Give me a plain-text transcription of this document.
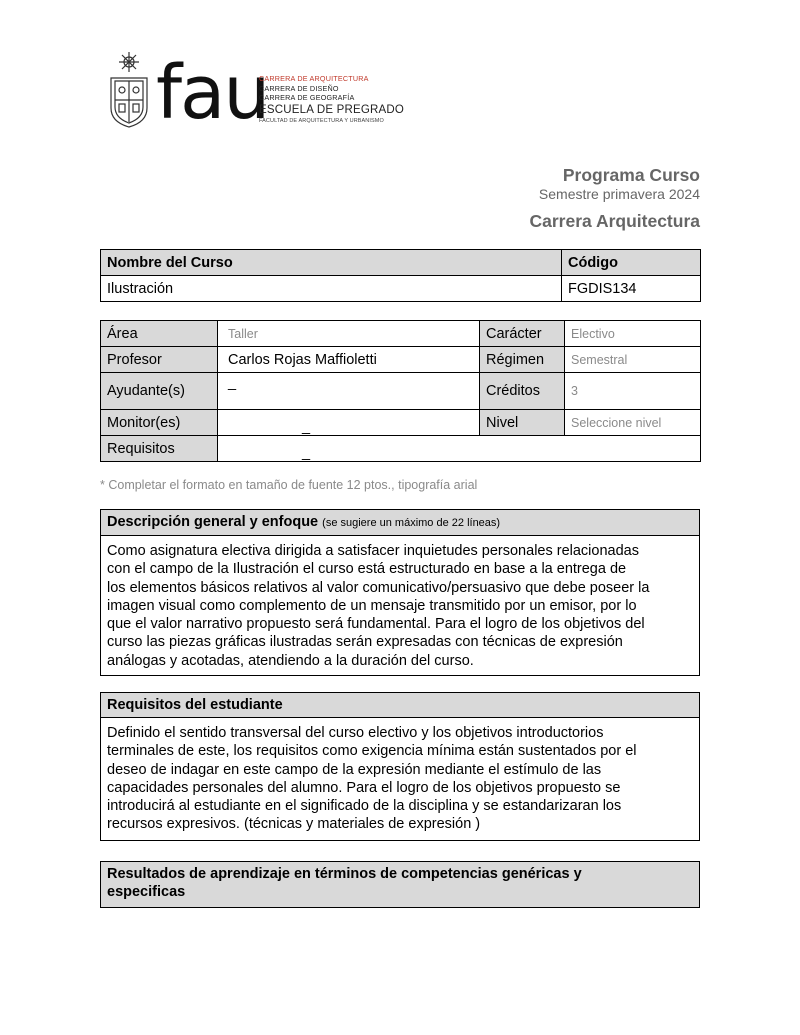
fau
CARRERA DE ARQUITECTURA
CARRERA DE DISEÑO
CARRERA DE GEOGRAFÍA
ESCUELA DE PREGRADO
FACULTAD DE ARQUITECTURA Y URBANISMO
Programa Curso
Semestre primavera 2024
Carrera Arquitectura
Nombre del Curso	Código
Ilustración	FGDIS134
Área	Taller	Carácter	Electivo
Profesor	Carlos Rojas Maffioletti	Régimen	Semestral
Ayudante(s)	_	Créditos	3
Monitor(es)	_	Nivel	Seleccione nivel
Requisitos	_		
* Completar el formato en tamaño de fuente 12 ptos., tipografía arial
Descripción general y enfoque (se sugiere un máximo de 22 líneas)
Como asignatura electiva dirigida a satisfacer inquietudes personales relacionadas
con el campo de la Ilustración el curso está estructurado en base a la entrega de
los elementos básicos relativos al valor comunicativo/persuasivo que debe poseer la
imagen visual como complemento de un mensaje transmitido por un emisor, por lo
que el valor narrativo propuesto será fundamental. Para el logro de los objetivos del
curso las piezas gráficas ilustradas serán expresadas con técnicas de expresión
análogas y acotadas, atendiendo a la duración del curso.
Requisitos del estudiante
Definido el sentido transversal del curso electivo y los objetivos introductorios
terminales de este, los requisitos como exigencia mínima están sustentados por el
deseo de indagar en este campo de la expresión mediante el estímulo de las
capacidades personales del alumno. Para el logro de los objetivos propuesto se
introducirá al estudiante en el significado de la disciplina y se estandarizaran los
recursos expresivos. (técnicas y materiales de expresión )
Resultados de aprendizaje en términos de competencias genéricas y
especificas
